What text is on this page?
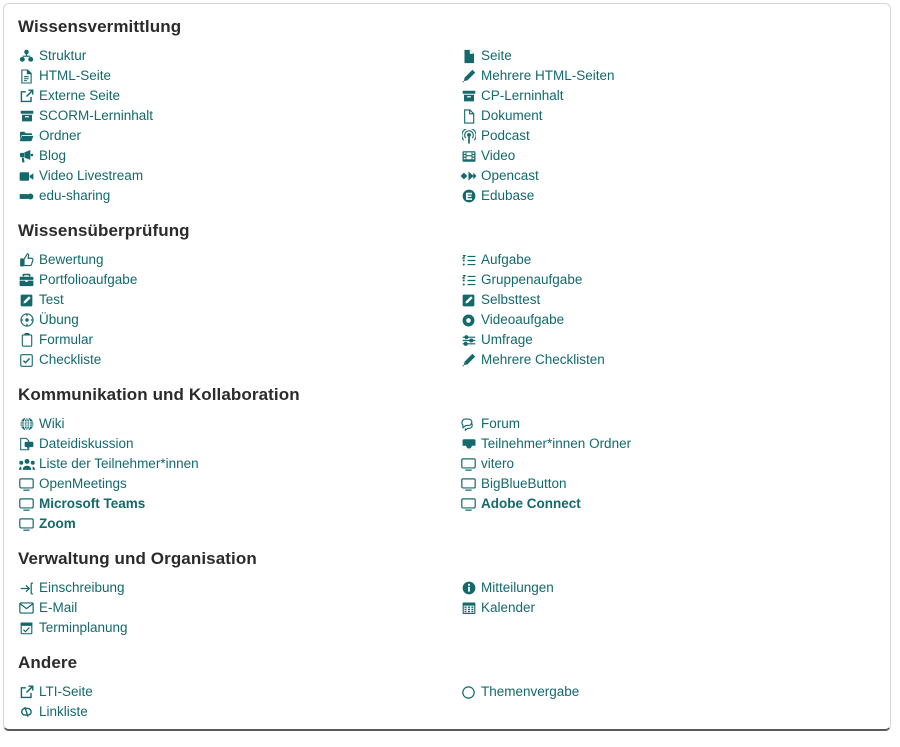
Wissensvermittlung
Struktur
HTML-Seite
Externe Seite
SCORM-Lerninhalt
Ordner
Blog
Video Livestream
edu-sharing
Seite
Mehrere HTML-Seiten
CP-Lerninhalt
Dokument
Podcast
Video
Opencast
Edubase
Wissensüberprüfung
Bewertung
Portfolioaufgabe
Test
Übung
Formular
Checkliste
Aufgabe
Gruppenaufgabe
Selbsttest
Videoaufgabe
Umfrage
Mehrere Checklisten
Kommunikation und Kollaboration
Wiki
Dateidiskussion
Liste der Teilnehmer*innen
OpenMeetings
Microsoft Teams
Zoom
Forum
Teilnehmer*innen Ordner
vitero
BigBlueButton
Adobe Connect
Verwaltung und Organisation
Einschreibung
E-Mail
Terminplanung
Mitteilungen
Kalender
Andere
LTI-Seite
Linkliste
Themenvergabe
